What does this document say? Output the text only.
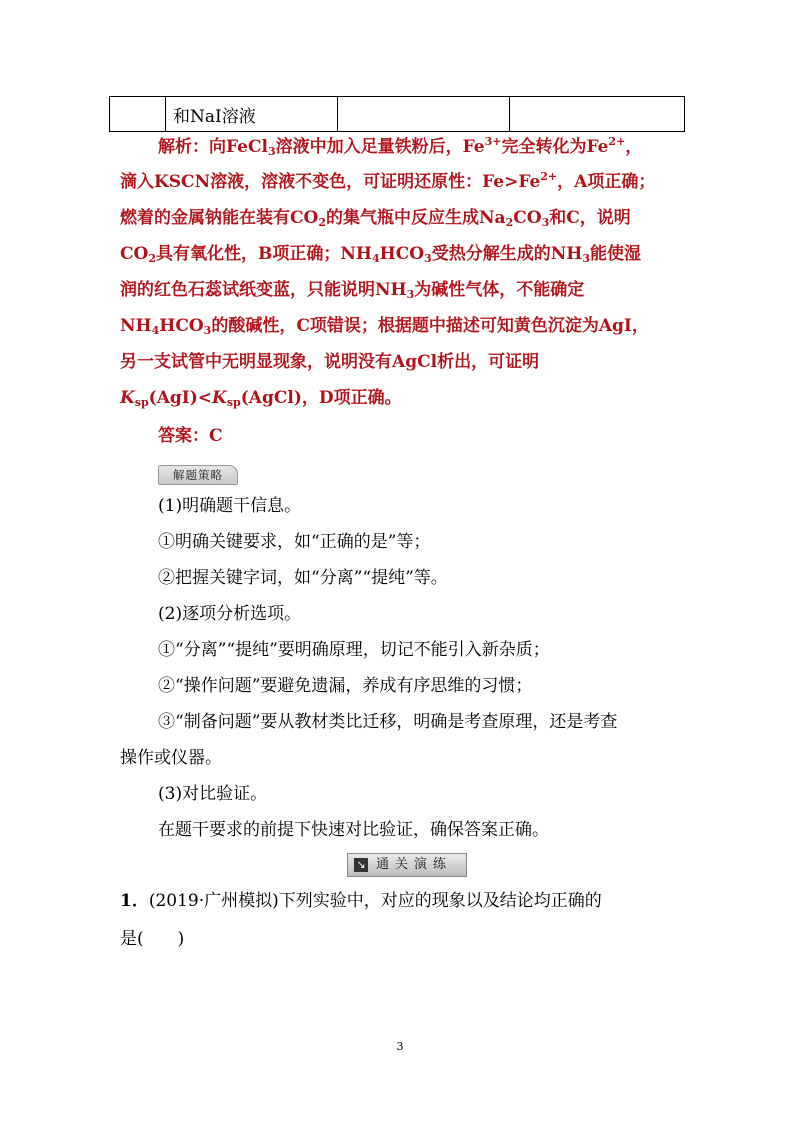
	和NaI溶液		
解析：向FeCl$_3$溶液中加入足量铁粉后，$Fe^{3+}$完全转化为$Fe^{2+}$，
滴入KSCN溶液，溶液不变色，可证明还原性：$Fe>Fe^{2+}$，A项正确；
燃着的金属钠能在装有$CO_2$的集气瓶中反应生成$Na_2CO_3$和C，说明
$CO_2$具有氧化性，B项正确；$NH_4HCO_3$受热分解生成的$NH_3$能使湿
润的红色石蕊试纸变蓝，只能说明$NH_3$为碱性气体，不能确定
$NH_4HCO_3$的酸碱性，C项错误；根据题中描述可知黄色沉淀为AgI，
另一支试管中无明显现象，说明没有AgCl析出，可证明
$K_{sp}(AgI)<K_{sp}(AgCl)$，D项正确。
答案：C
解题策略
(1)明确题干信息。
①明确关键要求，如“正确的是”等；
②把握关键字词，如“分离”“提纯”等。
(2)逐项分析选项。
①“分离”“提纯”要明确原理，切记不能引入新杂质；
②“操作问题”要避免遗漏，养成有序思维的习惯；
③“制备问题”要从教材类比迁移，明确是考查原理，还是考查
操作或仪器。
(3)对比验证。
在题干要求的前提下快速对比验证，确保答案正确。
↘ 通关演练
1．(2019·广州模拟)下列实验中，对应的现象以及结论均正确的
是(　　)
3
